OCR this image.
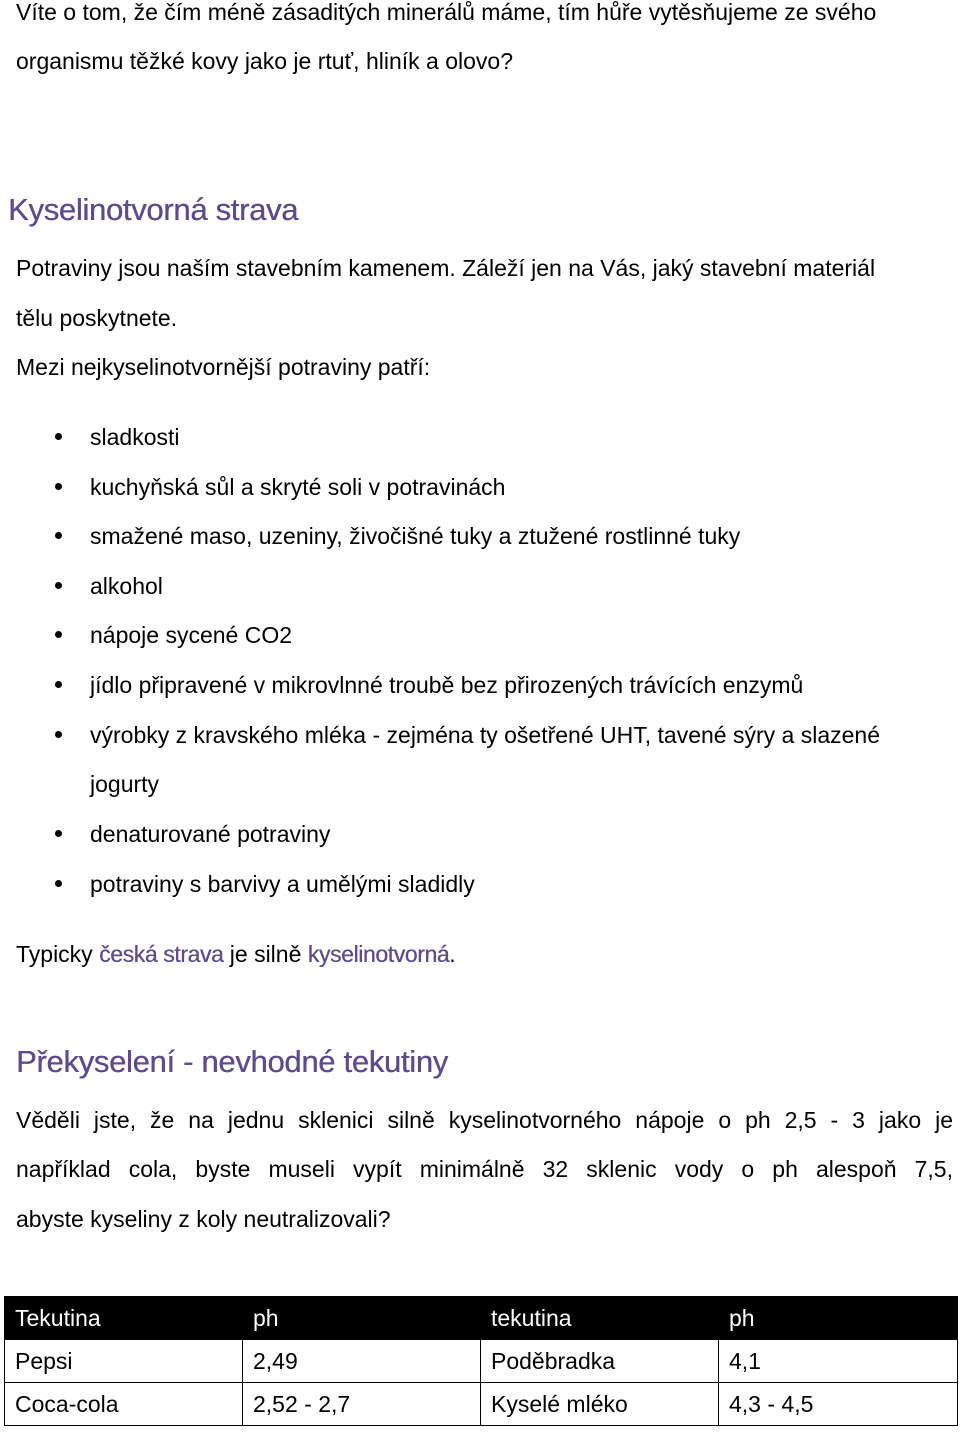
Víte o tom, že čím méně zásaditých minerálů máme, tím hůře vytěsňujeme ze svého
organismu těžké kovy jako je rtuť, hliník a olovo?
Kyselinotvorná strava
Potraviny jsou naším stavebním kamenem. Záleží jen na Vás, jaký stavební materiál
tělu poskytnete.
Mezi nejkyselinotvornější potraviny patří:
sladkosti
kuchyňská sůl a skryté soli v potravinách
smažené maso, uzeniny, živočišné tuky a ztužené rostlinné tuky
alkohol
nápoje sycené CO2
jídlo připravené v mikrovlnné troubě bez přirozených trávících enzymů
výrobky z kravského mléka - zejména ty ošetřené UHT, tavené sýry a slazené
jogurty
denaturované potraviny
potraviny s barvivy a umělými sladidly
Typicky česká strava je silně kyselinotvorná.
Překyselení - nevhodné tekutiny
Věděli jste, že na jednu sklenici silně kyselinotvorného nápoje o ph 2,5 - 3 jako je
například cola, byste museli vypít minimálně 32 sklenic vody o ph alespoň 7,5,
abyste kyseliny z koly neutralizovali?
Tekutina	ph	tekutina	ph
Pepsi	2,49	Poděbradka	4,1
Coca-cola	2,52 - 2,7	Kyselé mléko	4,3 - 4,5
